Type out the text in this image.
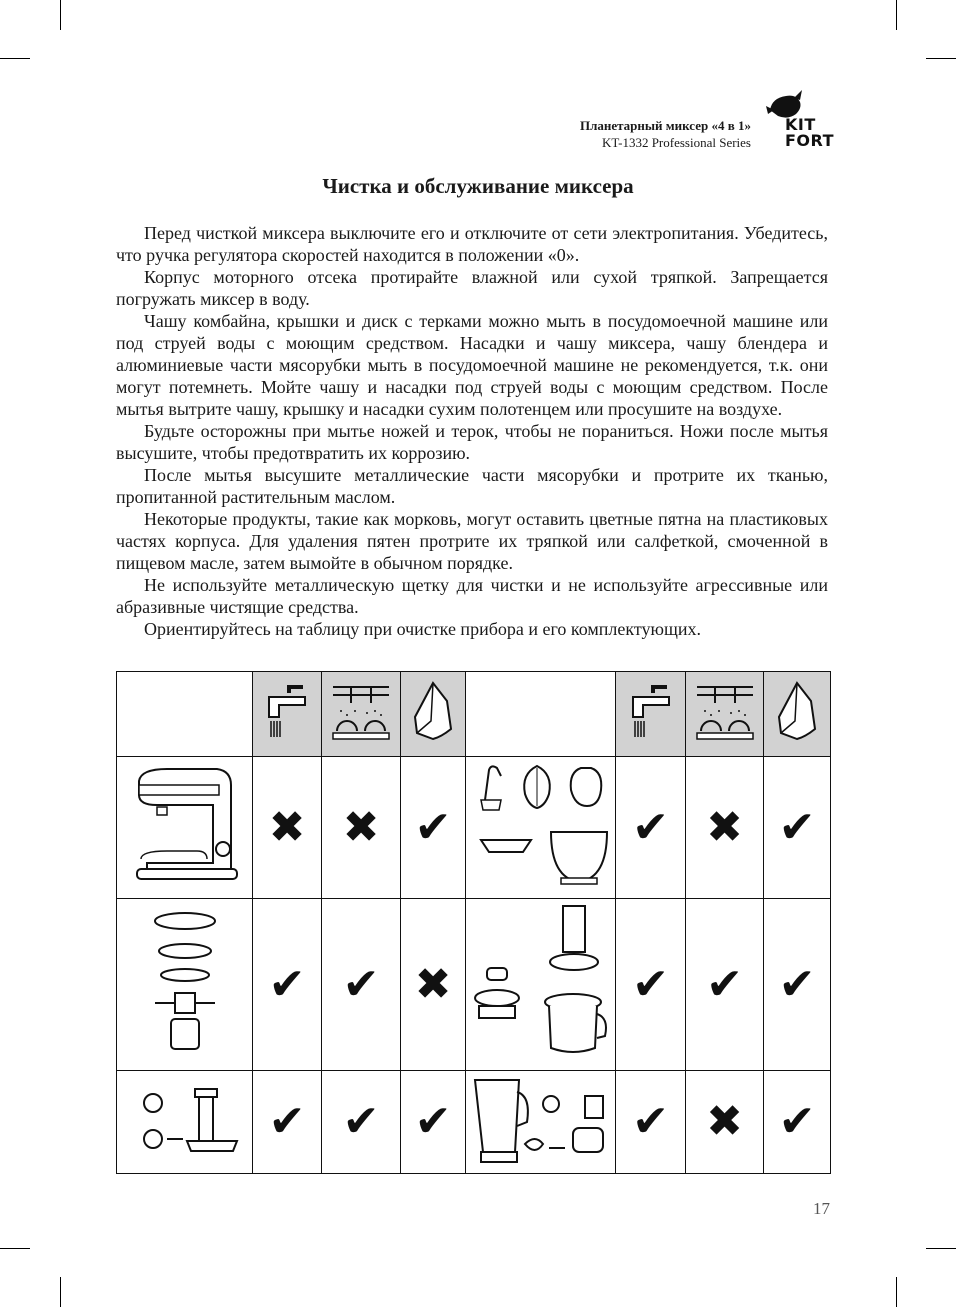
Планетарный миксер «4 в 1»
KT-1332 Professional Series
KIT
FORT
Чистка и обслуживание миксера

Перед чисткой миксера выключите его и отключите от сети электропитания. Убедитесь, что ручка регулятора скоростей находится в положении «0».

Корпус моторного отсека протирайте влажной или сухой тряпкой. Запрещается погружать миксер в воду.

Чашу комбайна, крышки и диск с терками можно мыть в посудомоечной машине или под струей воды с моющим средством. Насадки и чашу миксера, чашу блендера и алюминиевые части мясорубки мыть в посудомоечной машине не рекомендуется, т.к. они могут потемнеть. Мойте чашу и насадки под струей воды с моющим средством. После мытья вытрите чашу, крышку и насадки сухим полотенцем или просушите на воздухе.

Будьте осторожны при мытье ножей и терок, чтобы не пораниться. Ножи после мытья высушите, чтобы предотвратить их коррозию.

После мытья высушите металлические части мясорубки и протрите их тканью, пропитанной растительным маслом.

Некоторые продукты, такие как морковь, могут оставить цветные пятна на пластиковых частях корпуса. Для удаления пятен протрите их тряпкой или салфеткой, смоченной в пищевом масле, затем вымойте в обычном порядке.

Не используйте металлическую щетку для чистки и не используйте агрессивные или абразивные чистящие средства.

Ориентируйтесь на таблицу при очистке прибора и его комплектующих.

	✖	✖	✔		✔	✖	✔
	✔	✔	✖		✔	✔	✔
	✔	✔	✔		✔	✖	✔
17
